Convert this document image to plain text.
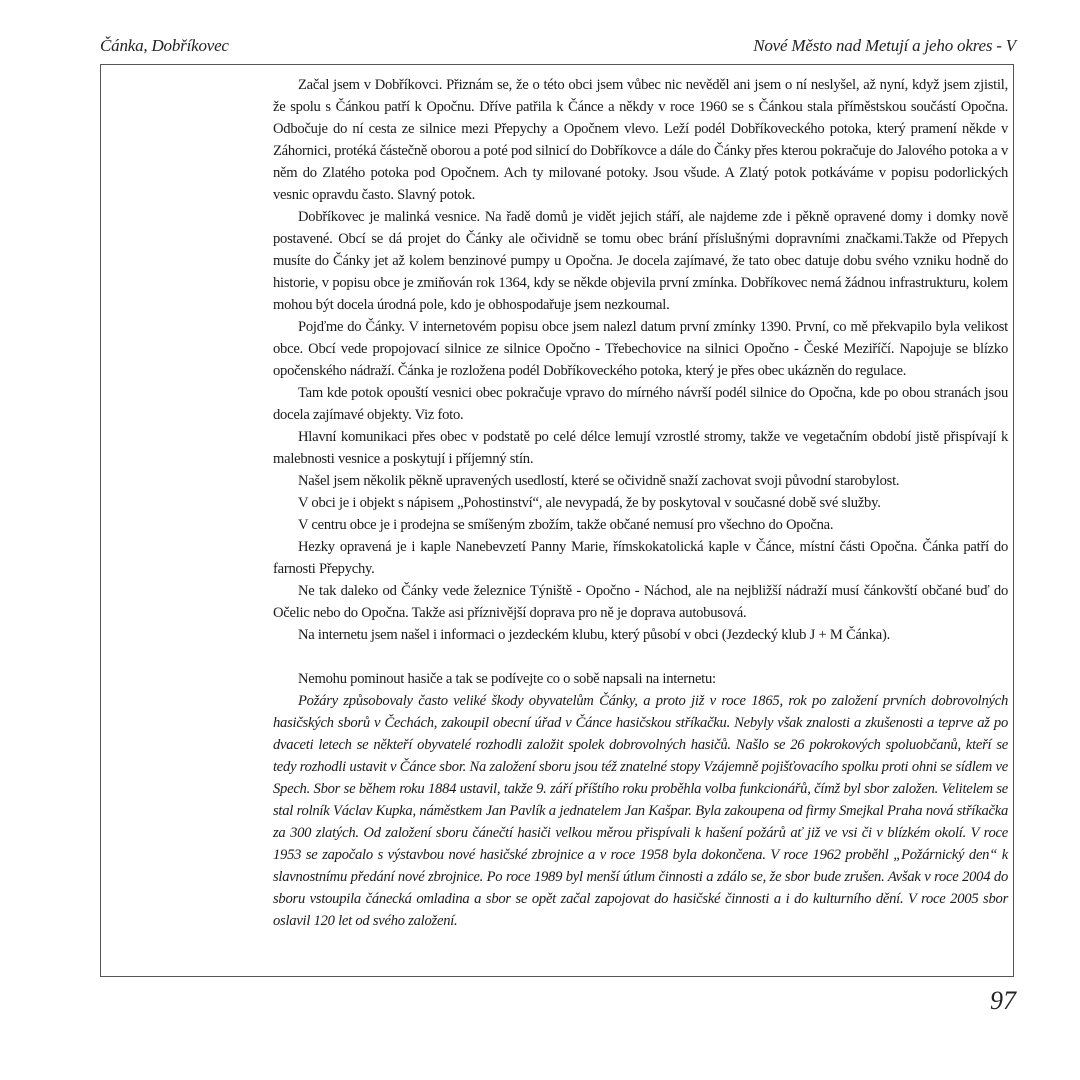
Čánka, Dobříkovec	Nové Město nad Metují a jeho okres - V

Začal jsem v Dobříkovci. Přiznám se, že o této obci jsem vůbec nic nevěděl ani jsem o ní neslyšel, až nyní, když jsem zjistil, že spolu s Čánkou patří k Opočnu. Dříve patřila k Čánce a někdy v roce 1960 se s Čánkou stala příměstskou součástí Opočna. Odbočuje do ní cesta ze silnice mezi Přepychy a Opočnem vlevo. Leží podél Dobříkoveckého potoka, který pramení někde v Záhornici, protéká částečně oborou a poté pod silnicí do Dobříkovce a dále do Čánky přes kterou pokračuje do Jalového potoka a v něm do Zlatého potoka pod Opočnem. Ach ty milované potoky. Jsou všude. A Zlatý potok potkáváme v popisu podorlických vesnic opravdu často. Slavný potok.

Dobříkovec je malinká vesnice. Na řadě domů je vidět jejich stáří, ale najdeme zde i pěkně opravené domy i domky nově postavené. Obcí se dá projet do Čánky ale očividně se tomu obec brání příslušnými dopravními značkami.Takže od Přepych musíte do Čánky jet až kolem benzinové pumpy u Opočna. Je docela zajímavé, že tato obec datuje dobu svého vzniku hodně do historie, v popisu obce je zmiňován rok 1364, kdy se někde objevila první zmínka. Dobříkovec nemá žádnou infrastrukturu, kolem mohou být docela úrodná pole, kdo je obhospodařuje jsem nezkoumal.

Pojďme do Čánky. V internetovém popisu obce jsem nalezl datum první zmínky 1390. První, co mě překvapilo byla velikost obce. Obcí vede propojovací silnice ze silnice Opočno - Třebechovice na silnici Opočno - České Meziříčí. Napojuje se blízko opočenského nádraží. Čánka je rozložena podél Dobříkoveckého potoka, který je přes obec ukázněn do regulace.

Tam kde potok opouští vesnici obec pokračuje vpravo do mírného návrší podél silnice do Opočna, kde po obou stranách jsou docela zajímavé objekty. Viz foto.

Hlavní komunikaci přes obec v podstatě po celé délce lemují vzrostlé stromy, takže ve vegetačním období jistě přispívají k malebnosti vesnice a poskytují i příjemný stín.

Našel jsem několik pěkně upravených usedlostí, které se očividně snaží zachovat svoji původní starobylost.

V obci je i objekt s nápisem „Pohostinství“, ale nevypadá, že by poskytoval v současné době své služby.

V centru obce je i prodejna se smíšeným zbožím, takže občané nemusí pro všechno do Opočna.

Hezky opravená je i kaple Nanebevzetí Panny Marie, římskokatolická kaple v Čánce, místní části Opočna. Čánka patří do farnosti Přepychy.

Ne tak daleko od Čánky vede železnice Týniště - Opočno - Náchod, ale na nejbližší nádraží musí čánkovští občané buď do Očelic nebo do Opočna. Takže asi příznivější doprava pro ně je doprava autobusová.

Na internetu jsem našel i informaci o jezdeckém klubu, který působí v obci (Jezdecký klub J + M Čánka).

Nemohu pominout hasiče a tak se podívejte co o sobě napsali na internetu:

Požáry způsobovaly často veliké škody obyvatelům Čánky, a proto již v roce 1865, rok po založení prvních dobrovolných hasičských sborů v Čechách, zakoupil obecní úřad v Čánce hasičskou stříkačku. Nebyly však znalosti a zkušenosti a teprve až po dvaceti letech se někteří obyvatelé rozhodli založit spolek dobrovolných hasičů. Našlo se 26 pokrokových spoluobčanů, kteří se tedy rozhodli ustavit v Čánce sbor. Na založení sboru jsou též znatelné stopy Vzájemně pojišťovacího spolku proti ohni se sídlem ve Spech. Sbor se během roku 1884 ustavil, takže 9. září příštího roku proběhla volba funkcionářů, čímž byl sbor založen. Velitelem se stal rolník Václav Kupka, náměstkem Jan Pavlík a jednatelem Jan Kašpar. Byla zakoupena od firmy Smejkal Praha nová stříkačka za 300 zlatých. Od založení sboru čánečtí hasiči velkou měrou přispívali k hašení požárů ať již ve vsi či v blízkém okolí. V roce 1953 se započalo s výstavbou nové hasičské zbrojnice a v roce 1958 byla dokončena. V roce 1962 proběhl „Požárnický den“ k slavnostnímu předání nové zbrojnice. Po roce 1989 byl menší útlum činnosti a zdálo se, že sbor bude zrušen. Avšak v roce 2004 do sboru vstoupila čánecká omladina a sbor se opět začal zapojovat do hasičské činnosti a i do kulturního dění. V roce 2005 sbor oslavil 120 let od svého založení.

97
